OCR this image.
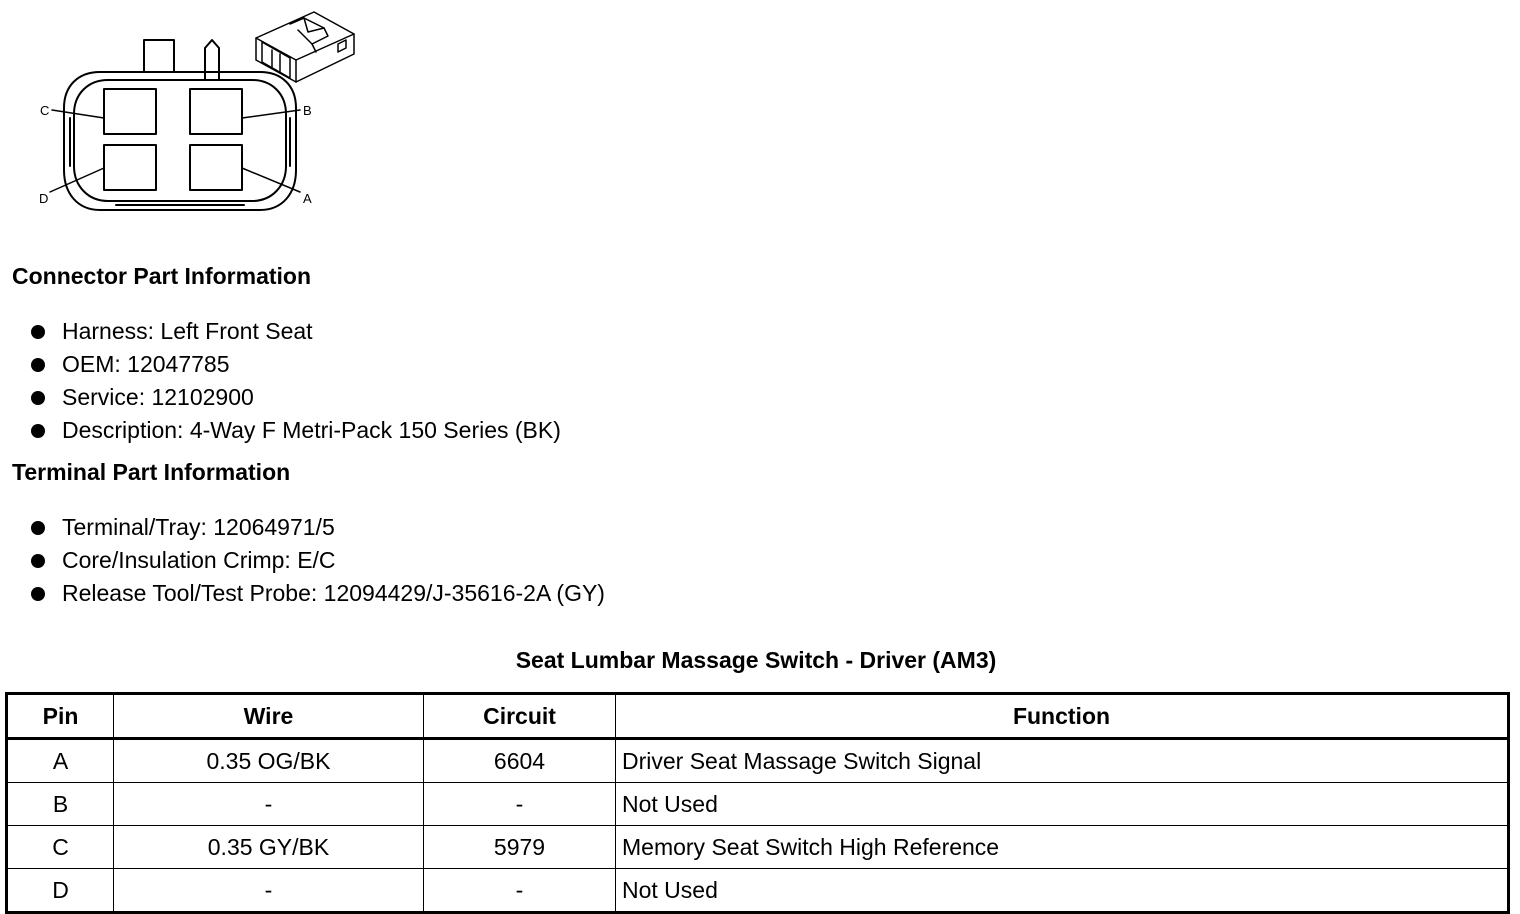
C	B
D	A
Connector Part Information
Harness: Left Front Seat
OEM: 12047785
Service: 12102900
Description: 4-Way F Metri-Pack 150 Series (BK)
Terminal Part Information
Terminal/Tray: 12064971/5
Core/Insulation Crimp: E/C
Release Tool/Test Probe: 12094429/J-35616-2A (GY)
Seat Lumbar Massage Switch - Driver (AM3)
Pin	Wire	Circuit	Function
A	0.35 OG/BK	6604	Driver Seat Massage Switch Signal
B	-	-	Not Used
C	0.35 GY/BK	5979	Memory Seat Switch High Reference
D	-	-	Not Used
